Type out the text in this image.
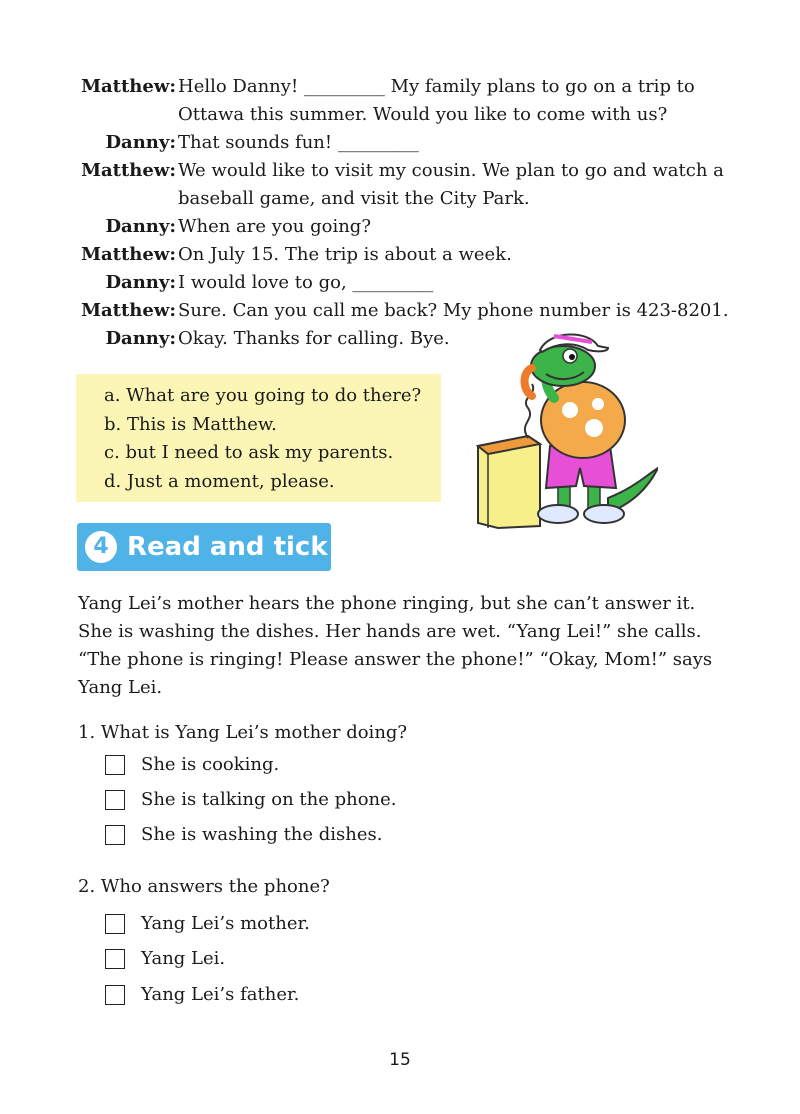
Matthew: Hello Danny! _________ My family plans to go on a trip to
Ottawa this summer. Would you like to come with us?
Danny: That sounds fun! _________
Matthew: We would like to visit my cousin. We plan to go and watch a
baseball game, and visit the City Park.
Danny: When are you going?
Matthew: On July 15. The trip is about a week.
Danny: I would love to go, _________
Matthew: Sure. Can you call me back? My phone number is 423-8201.
Danny: Okay. Thanks for calling. Bye.
a. What are you going to do there?
b. This is Matthew.
c. but I need to ask my parents.
d. Just a moment, please.
4 Read and tick
Yang Lei’s mother hears the phone ringing, but she can’t answer it.
She is washing the dishes. Her hands are wet. “Yang Lei!” she calls.
“The phone is ringing! Please answer the phone!” “Okay, Mom!” says
Yang Lei.
1. What is Yang Lei’s mother doing?
She is cooking.
She is talking on the phone.
She is washing the dishes.
2. Who answers the phone?
Yang Lei’s mother.
Yang Lei.
Yang Lei’s father.
15
